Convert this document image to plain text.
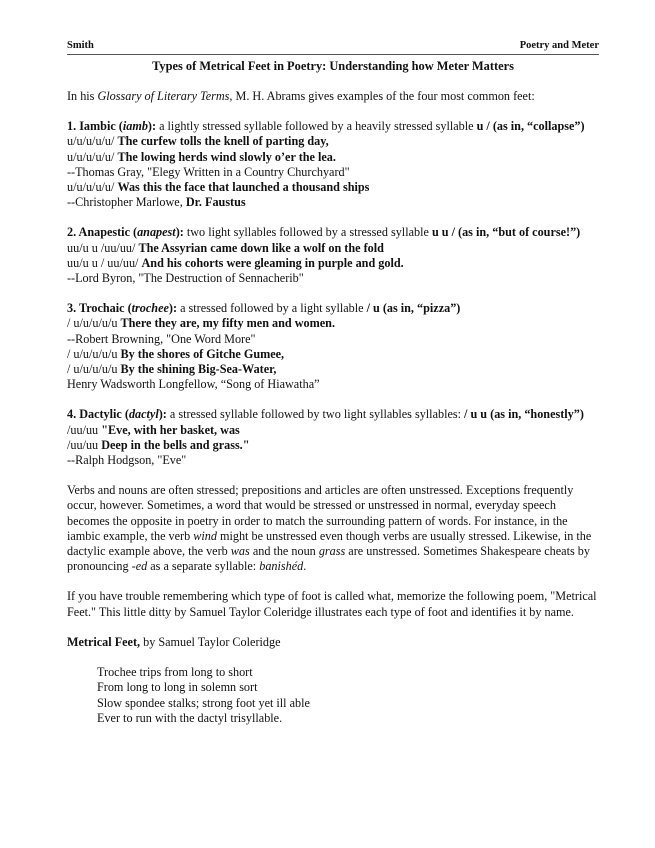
Smith	Poetry and Meter
Types of Metrical Feet in Poetry: Understanding how Meter Matters

In his Glossary of Literary Terms, M. H. Abrams gives examples of the four most common feet:

1. Iambic (iamb): a lightly stressed syllable followed by a heavily stressed syllable u / (as in, “collapse”)
u/u/u/u/u/ The curfew tolls the knell of parting day,
u/u/u/u/u/ The lowing herds wind slowly o’er the lea.
--Thomas Gray, "Elegy Written in a Country Churchyard"
u/u/u/u/u/ Was this the face that launched a thousand ships
--Christopher Marlowe, Dr. Faustus
2. Anapestic (anapest): two light syllables followed by a stressed syllable u u / (as in, “but of course!”)
uu/u u /uu/uu/ The Assyrian came down like a wolf on the fold
uu/u u / uu/uu/ And his cohorts were gleaming in purple and gold.
--Lord Byron, "The Destruction of Sennacherib"
3. Trochaic (trochee): a stressed followed by a light syllable / u (as in, “pizza”)
/ u/u/u/u/u There they are, my fifty men and women.
--Robert Browning, "One Word More"
/ u/u/u/u/u By the shores of Gitche Gumee,
/ u/u/u/u/u By the shining Big-Sea-Water,
Henry Wadsworth Longfellow, “Song of Hiawatha”
4. Dactylic (dactyl): a stressed syllable followed by two light syllables syllables: / u u (as in, “honestly”)
/uu/uu "Eve, with her basket, was
/uu/uu Deep in the bells and grass."
--Ralph Hodgson, "Eve"

Verbs and nouns are often stressed; prepositions and articles are often unstressed. Exceptions frequently occur, however. Sometimes, a word that would be stressed or unstressed in normal, everyday speech becomes the opposite in poetry in order to match the surrounding pattern of words. For instance, in the iambic example, the verb wind might be unstressed even though verbs are usually stressed. Likewise, in the dactylic example above, the verb was and the noun grass are unstressed. Sometimes Shakespeare cheats by pronouncing -ed as a separate syllable: banishéd.

If you have trouble remembering which type of foot is called what, memorize the following poem, "Metrical Feet." This little ditty by Samuel Taylor Coleridge illustrates each type of foot and identifies it by name.

Metrical Feet, by Samuel Taylor Coleridge

Trochee trips from long to short
From long to long in solemn sort
Slow spondee stalks; strong foot yet ill able
Ever to run with the dactyl trisyllable.
